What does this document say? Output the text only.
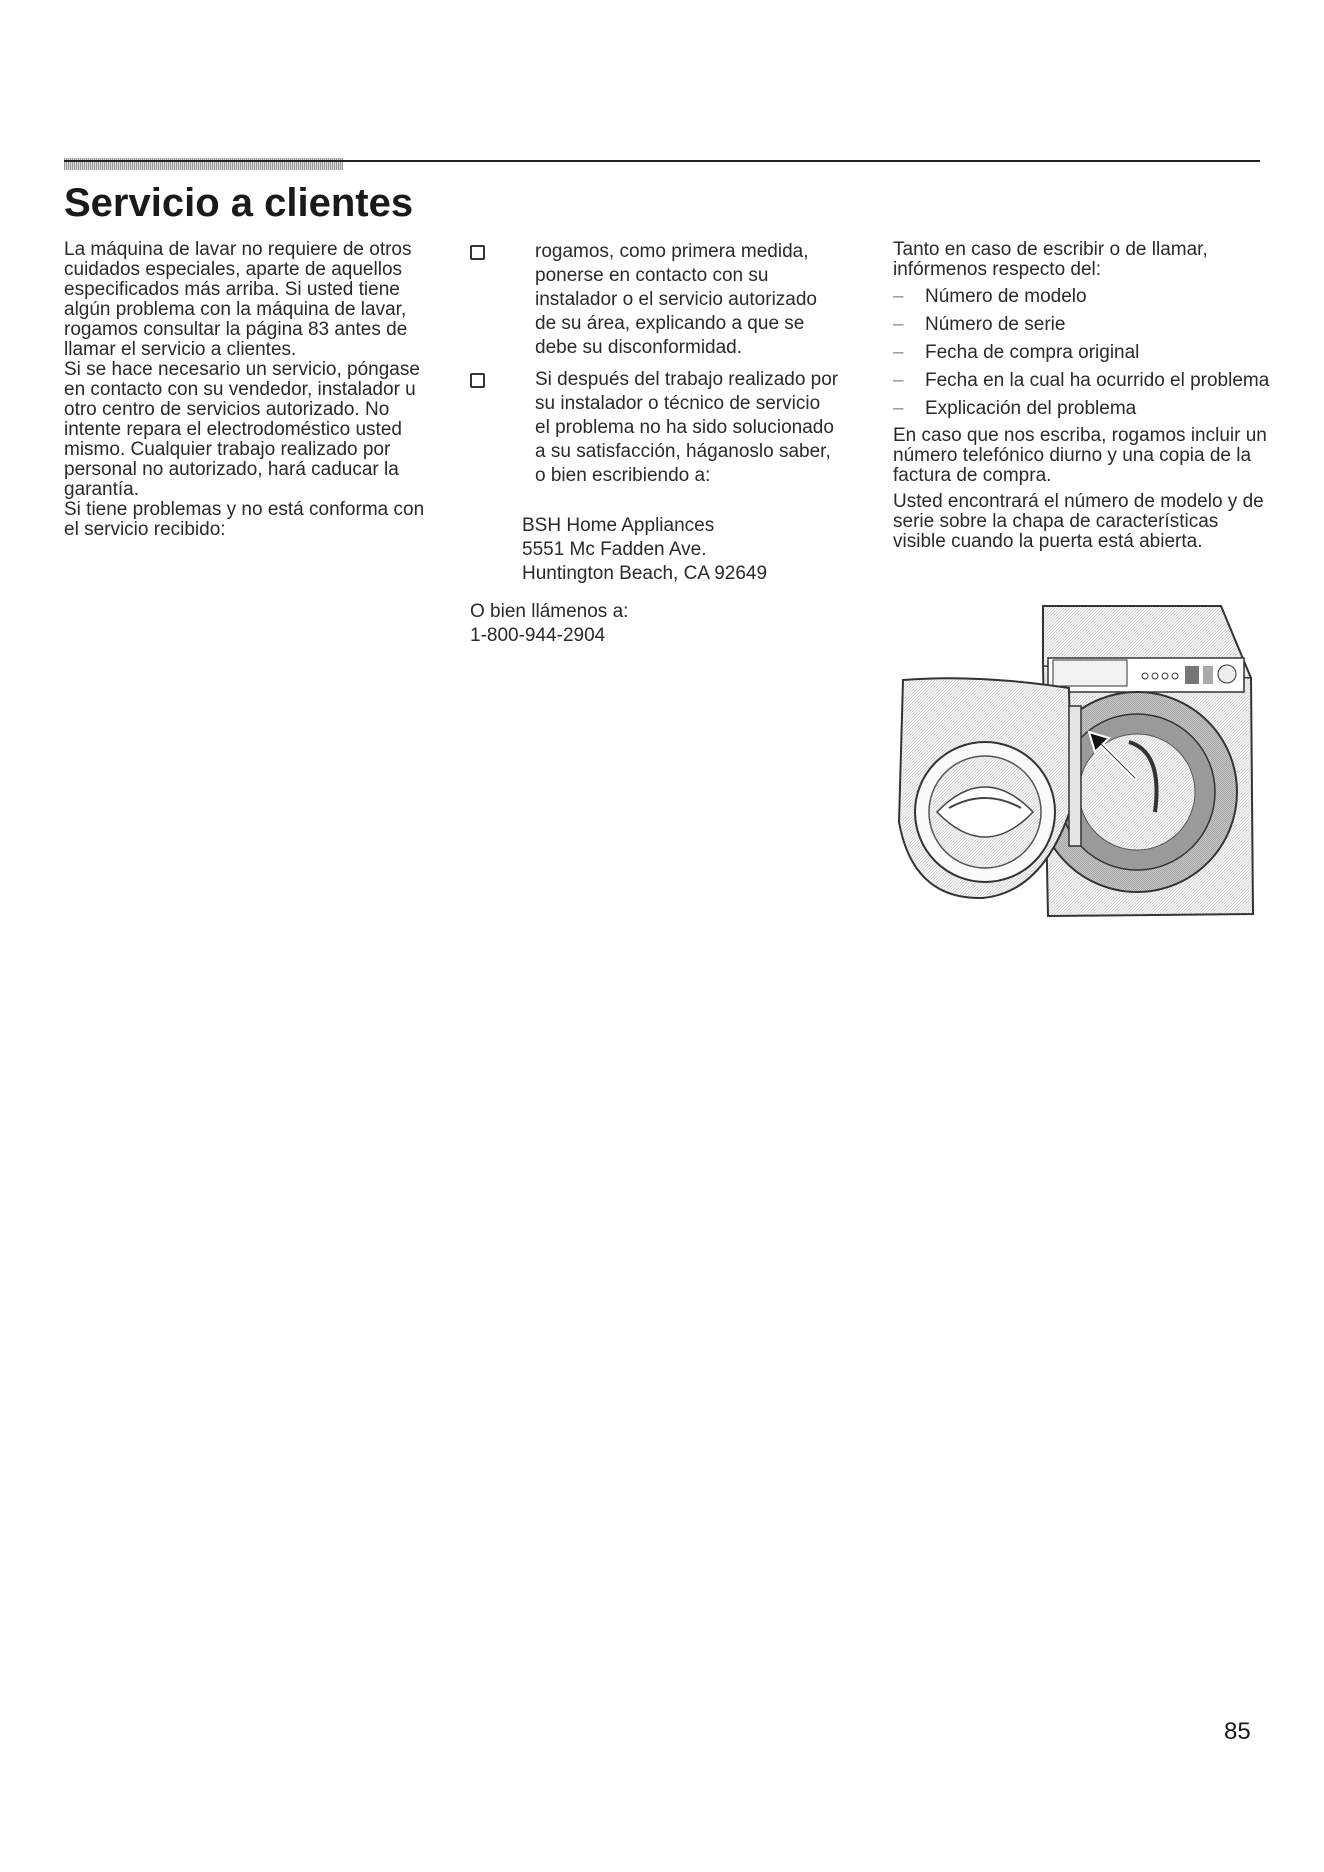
Servicio a clientes

La máquina de lavar no requiere de otros cuidados especiales, aparte de aquellos especificados más arriba. Si usted tiene algún problema con la máquina de lavar, rogamos consultar la página 83 antes de llamar el servicio a clientes.

Si se hace necesario un servicio, póngase en contacto con su vendedor, instalador u otro centro de servicios autorizado. No intente repara el electrodoméstico usted mismo. Cualquier trabajo realizado por personal no autorizado, hará caducar la garantía.

Si tiene problemas y no está conforma con el servicio recibido:

rogamos, como primera medida, ponerse en contacto con su instalador o el servicio autorizado de su área, explicando a que se debe su disconformidad.
Si después del trabajo realizado por su instalador o técnico de servicio el problema no ha sido solucionado a su satisfacción, háganoslo saber, o bien escribiendo a:
BSH Home Appliances
5551 Mc Fadden Ave.
Huntington Beach, CA 92649
O bien llámenos a:
1-800-944-2904

Tanto en caso de escribir o de llamar, infórmenos respecto del:

–	Número de modelo
–	Número de serie
–	Fecha de compra original
–	Fecha en la cual ha ocurrido el problema
–	Explicación del problema

En caso que nos escriba, rogamos incluir un número telefónico diurno y una copia de la factura de compra.

Usted encontrará el número de modelo y de serie sobre la chapa de características visible cuando la puerta está abierta.

85
